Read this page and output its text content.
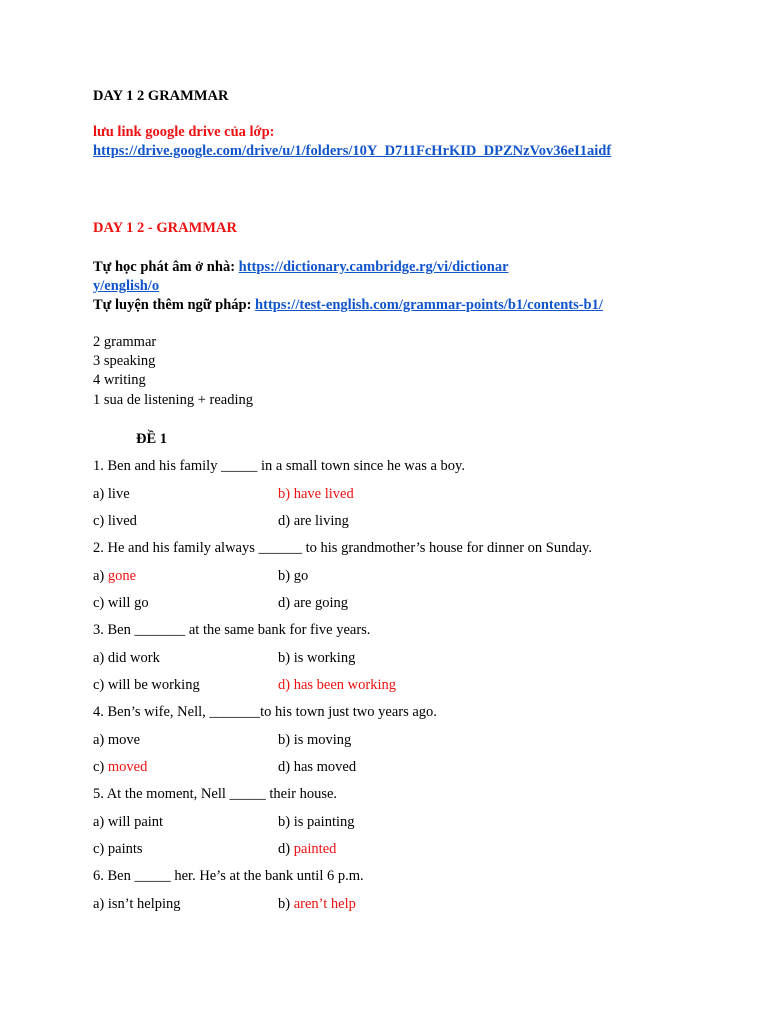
DAY 1 2 GRAMMAR
lưu link google drive của lớp:
https://drive.google.com/drive/u/1/folders/10Y_D711FcHrKID_DPZNzVov36eI1aidf
DAY 1 2 - GRAMMAR
Tự học phát âm ở nhà: https://dictionary.cambridge.rg/vi/dictionar
y/english/o
Tự luyện thêm ngữ pháp: https://test-english.com/grammar-points/b1/contents-b1/
2 grammar
3 speaking
4 writing
1 sua de listening + reading
ĐỀ 1
1. Ben and his family _____ in a small town since he was a boy.
a) live	b) have lived
c) lived	d) are living
2. He and his family always ______ to his grandmother’s house for dinner on Sunday.
a) gone	b) go
c) will go	d) are going
3. Ben _______ at the same bank for five years.
a) did work	b) is working
c) will be working	d) has been working
4. Ben’s wife, Nell, _______to his town just two years ago.
a) move	b) is moving
c) moved	d) has moved
5. At the moment, Nell _____ their house.
a) will paint	b) is painting
c) paints	d) painted
6. Ben _____ her. He’s at the bank until 6 p.m.
a) isn’t helping	b) aren’t help
